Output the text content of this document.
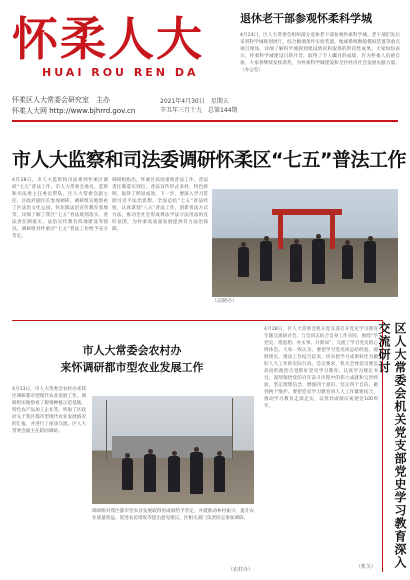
怀柔人大
HUAI ROU REN DA
怀柔区人大常委会研究室　主办
怀柔人大网 http://www.bjhrrd.gov.cn
2021年4月30日　星期五
辛丑年三月十九　总第144期
退休老干部参观怀柔科学城
4月24日，区人大常委会组织部分退休老干部参观怀柔科学城。老干部们先后来到科学城规划展厅、综合极端条件实验装置、地球系统数值模拟装置等重点项目现场，详细了解科学城规划建设情况和取得的阶段性成果。大家纷纷表示，怀柔科学城建设日新月异，取得了令人瞩目的成绩，作为怀柔人倍感自豪。大家将继续发挥余热，为怀柔科学城建设和全区经济社会发展贡献力量。（办公室）
市人大监察和司法委调研怀柔区“七五”普法工作
4月28日，市人大监察和司法委到怀柔区调研“七五”普法工作。市人大常委会委员、监察和司法委主任委员带队，区人大常委会副主任、区政府副区长参加调研。调研组实地察看了区法治文化公园、怀北镇法治宣传教育基地等，详细了解了我区“七五”普法规划落实、普法责任制落实、法治宣传教育阵地建设等情况。调研组对怀柔区“七五”普法工作给予充分肯定。
调研组指出，怀柔区高度重视普法工作，普法责任制落实到位，普法宣传形式多样，特色鲜明，取得了明显成效。下一步，要深入学习贯彻习近平法治思想，全面总结“七五”普法经验，认真谋划“八五”普法工作，创新普法方式方法，推动全社会形成尊法学法守法用法的良好氛围，为怀柔高质量发展提供有力法治保障。
（法制办）
市人大常委会农村办
来怀调研都市型农业发展工作
4月13日，市人大常委会农村办来我区调研都市型现代农业发展工作。调研组实地察看了板栗种植示范基地、特色农产品加工企业等，听取了区政府关于我区都市型现代农业发展情况的汇报，并进行了座谈交流。区人大常委会副主任陪同调研。
调研组对我区都市型农业发展取得的成绩给予肯定，并就推动乡村振兴、提升农业质量效益、促进农民增收等提出意见建议。区相关部门负责同志参加调研。
（农村办）
4月28日，区人大常委会机关党支部召开党史学习教育专题交流研讨会。与会同志结合自身工作实际，围绕“学党史、悟思想、办实事、开新局”，交流了学习党史的心得体会。大家一致认为，要把学习党史同总结经验、观照现实、推动工作结合起来，切实把学习成果转化为做好人大工作的实际行动。会议要求，机关全体党员要以高度的政治自觉抓好党史学习教育，认真学习规定书目，深刻领悟党的百年奋斗历程中的伟大成就和宝贵经验，坚定理想信念，增强四个意识，坚定四个自信，做到两个维护。要把党史学习教育同人大工作紧密结合，推动学习教育走深走实，以优异成绩庆祝建党100周年。
（机关） 区人大常委会机关党支部党史学习教育深入交流研讨
